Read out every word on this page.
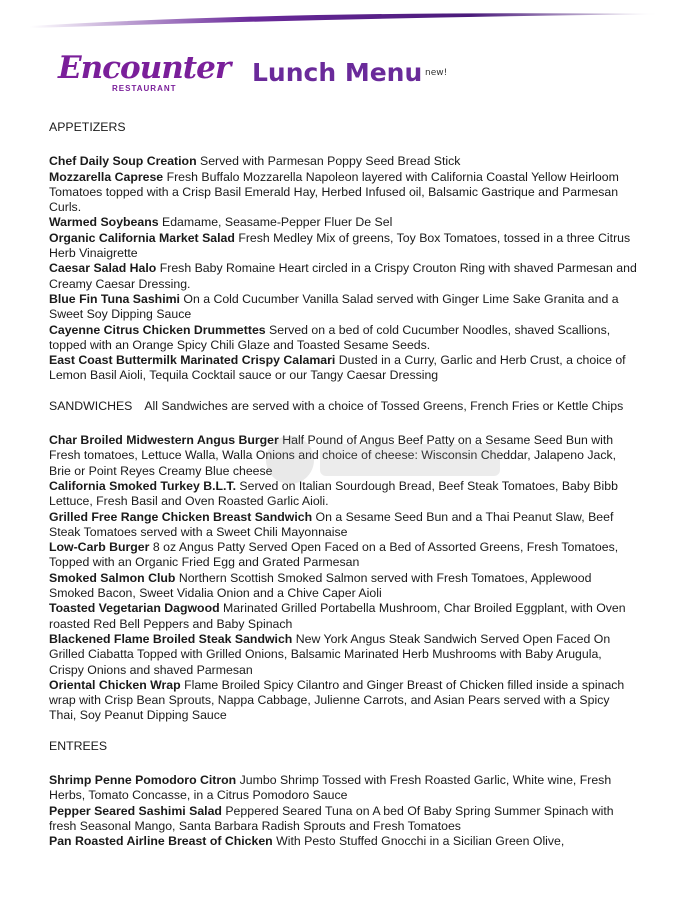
Encounter
RESTAURANT
Lunch Menu new!
APPETIZERS
Chef Daily Soup Creation Served with Parmesan Poppy Seed Bread Stick
Mozzarella Caprese Fresh Buffalo Mozzarella Napoleon layered with California Coastal Yellow Heirloom Tomatoes topped with a Crisp Basil Emerald Hay, Herbed Infused oil, Balsamic Gastrique and Parmesan Curls.
Warmed Soybeans Edamame, Seasame-Pepper Fluer De Sel
Organic California Market Salad Fresh Medley Mix of greens, Toy Box Tomatoes, tossed in a three Citrus Herb Vinaigrette
Caesar Salad Halo Fresh Baby Romaine Heart circled in a Crispy Crouton Ring with shaved Parmesan and Creamy Caesar Dressing.
Blue Fin Tuna Sashimi On a Cold Cucumber Vanilla Salad served with Ginger Lime Sake Granita and a Sweet Soy Dipping Sauce
Cayenne Citrus Chicken Drummettes Served on a bed of cold Cucumber Noodles, shaved Scallions, topped with an Orange Spicy Chili Glaze and Toasted Sesame Seeds.
East Coast Buttermilk Marinated Crispy Calamari Dusted in a Curry, Garlic and Herb Crust, a choice of Lemon Basil Aioli, Tequila Cocktail sauce or our Tangy Caesar Dressing
SANDWICHES All Sandwiches are served with a choice of Tossed Greens, French Fries or Kettle Chips
Char Broiled Midwestern Angus Burger Half Pound of Angus Beef Patty on a Sesame Seed Bun with Fresh tomatoes, Lettuce Walla, Walla Onions and choice of cheese: Wisconsin Cheddar, Jalapeno Jack, Brie or Point Reyes Creamy Blue cheese
California Smoked Turkey B.L.T. Served on Italian Sourdough Bread, Beef Steak Tomatoes, Baby Bibb Lettuce, Fresh Basil and Oven Roasted Garlic Aioli.
Grilled Free Range Chicken Breast Sandwich On a Sesame Seed Bun and a Thai Peanut Slaw, Beef Steak Tomatoes served with a Sweet Chili Mayonnaise
Low-Carb Burger 8 oz Angus Patty Served Open Faced on a Bed of Assorted Greens, Fresh Tomatoes, Topped with an Organic Fried Egg and Grated Parmesan
Smoked Salmon Club Northern Scottish Smoked Salmon served with Fresh Tomatoes, Applewood Smoked Bacon, Sweet Vidalia Onion and a Chive Caper Aioli
Toasted Vegetarian Dagwood Marinated Grilled Portabella Mushroom, Char Broiled Eggplant, with Oven roasted Red Bell Peppers and Baby Spinach
Blackened Flame Broiled Steak Sandwich New York Angus Steak Sandwich Served Open Faced On Grilled Ciabatta Topped with Grilled Onions, Balsamic Marinated Herb Mushrooms with Baby Arugula, Crispy Onions and shaved Parmesan
Oriental Chicken Wrap Flame Broiled Spicy Cilantro and Ginger Breast of Chicken filled inside a spinach wrap with Crisp Bean Sprouts, Nappa Cabbage, Julienne Carrots, and Asian Pears served with a Spicy Thai, Soy Peanut Dipping Sauce
ENTREES
Shrimp Penne Pomodoro Citron Jumbo Shrimp Tossed with Fresh Roasted Garlic, White wine, Fresh Herbs, Tomato Concasse, in a Citrus Pomodoro Sauce
Pepper Seared Sashimi Salad Peppered Seared Tuna on A bed Of Baby Spring Summer Spinach with fresh Seasonal Mango, Santa Barbara Radish Sprouts and Fresh Tomatoes
Pan Roasted Airline Breast of Chicken With Pesto Stuffed Gnocchi in a Sicilian Green Olive,
